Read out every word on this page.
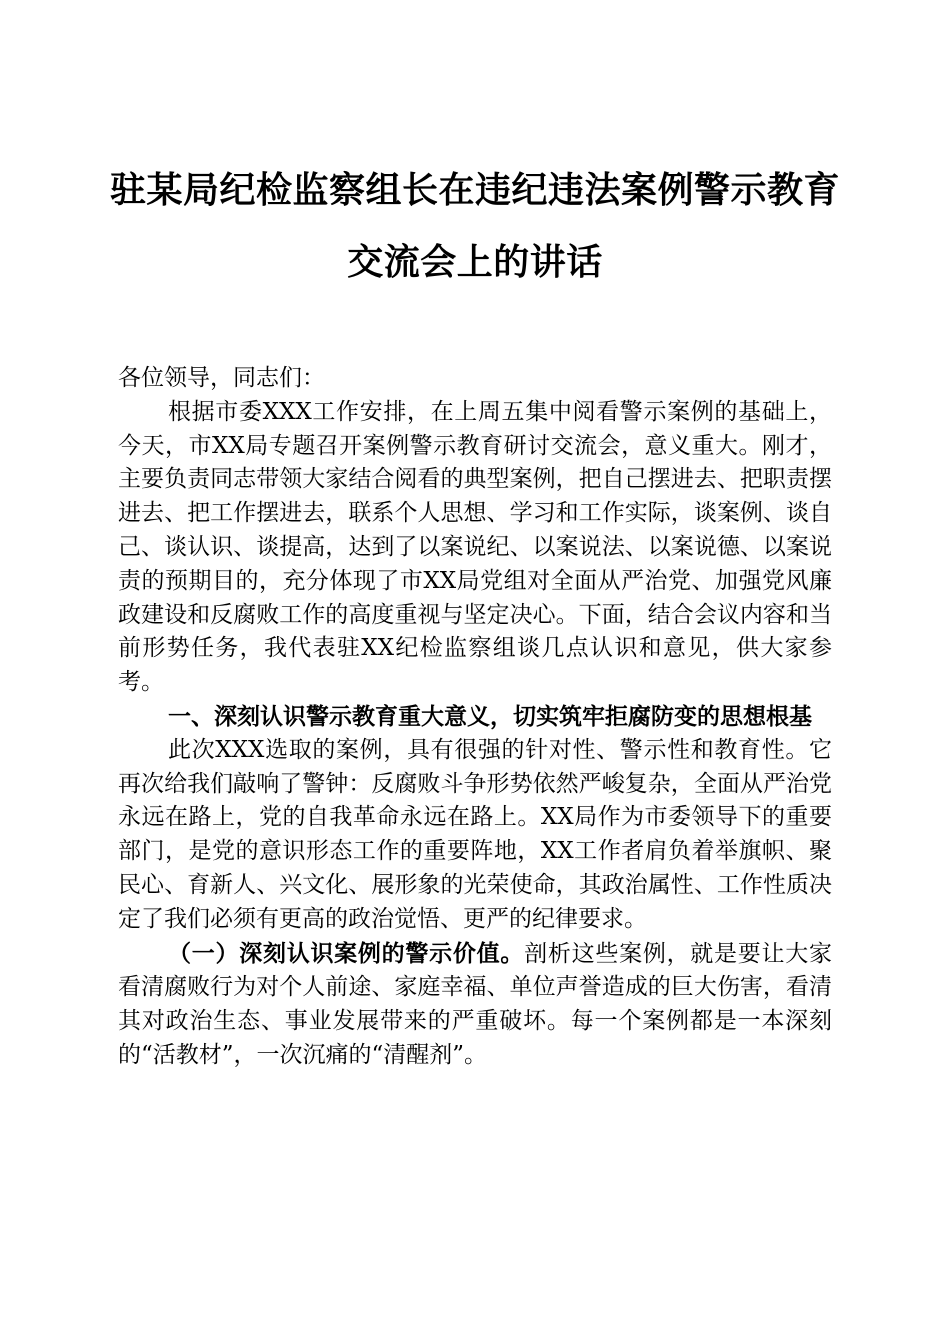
驻某局纪检监察组长在违纪违法案例警示教育
交流会上的讲话

各位领导，同志们：

根据市委XXX工作安排，在上周五集中阅看警示案例的基础上，今天，市XX局专题召开案例警示教育研讨交流会，意义重大。刚才，主要负责同志带领大家结合阅看的典型案例，把自己摆进去、把职责摆进去、把工作摆进去，联系个人思想、学习和工作实际，谈案例、谈自己、谈认识、谈提高，达到了以案说纪、以案说法、以案说德、以案说责的预期目的，充分体现了市XX局党组对全面从严治党、加强党风廉政建设和反腐败工作的高度重视与坚定决心。下面，结合会议内容和当前形势任务，我代表驻XX纪检监察组谈几点认识和意见，供大家参考。

一、深刻认识警示教育重大意义，切实筑牢拒腐防变的思想根基

此次XXX选取的案例，具有很强的针对性、警示性和教育性。它再次给我们敲响了警钟：反腐败斗争形势依然严峻复杂，全面从严治党永远在路上，党的自我革命永远在路上。XX局作为市委领导下的重要部门，是党的意识形态工作的重要阵地，XX工作者肩负着举旗帜、聚民心、育新人、兴文化、展形象的光荣使命，其政治属性、工作性质决定了我们必须有更高的政治觉悟、更严的纪律要求。

（一）深刻认识案例的警示价值。剖析这些案例，就是要让大家看清腐败行为对个人前途、家庭幸福、单位声誉造成的巨大伤害，看清其对政治生态、事业发展带来的严重破坏。每一个案例都是一本深刻的“活教材”，一次沉痛的“清醒剂”。
